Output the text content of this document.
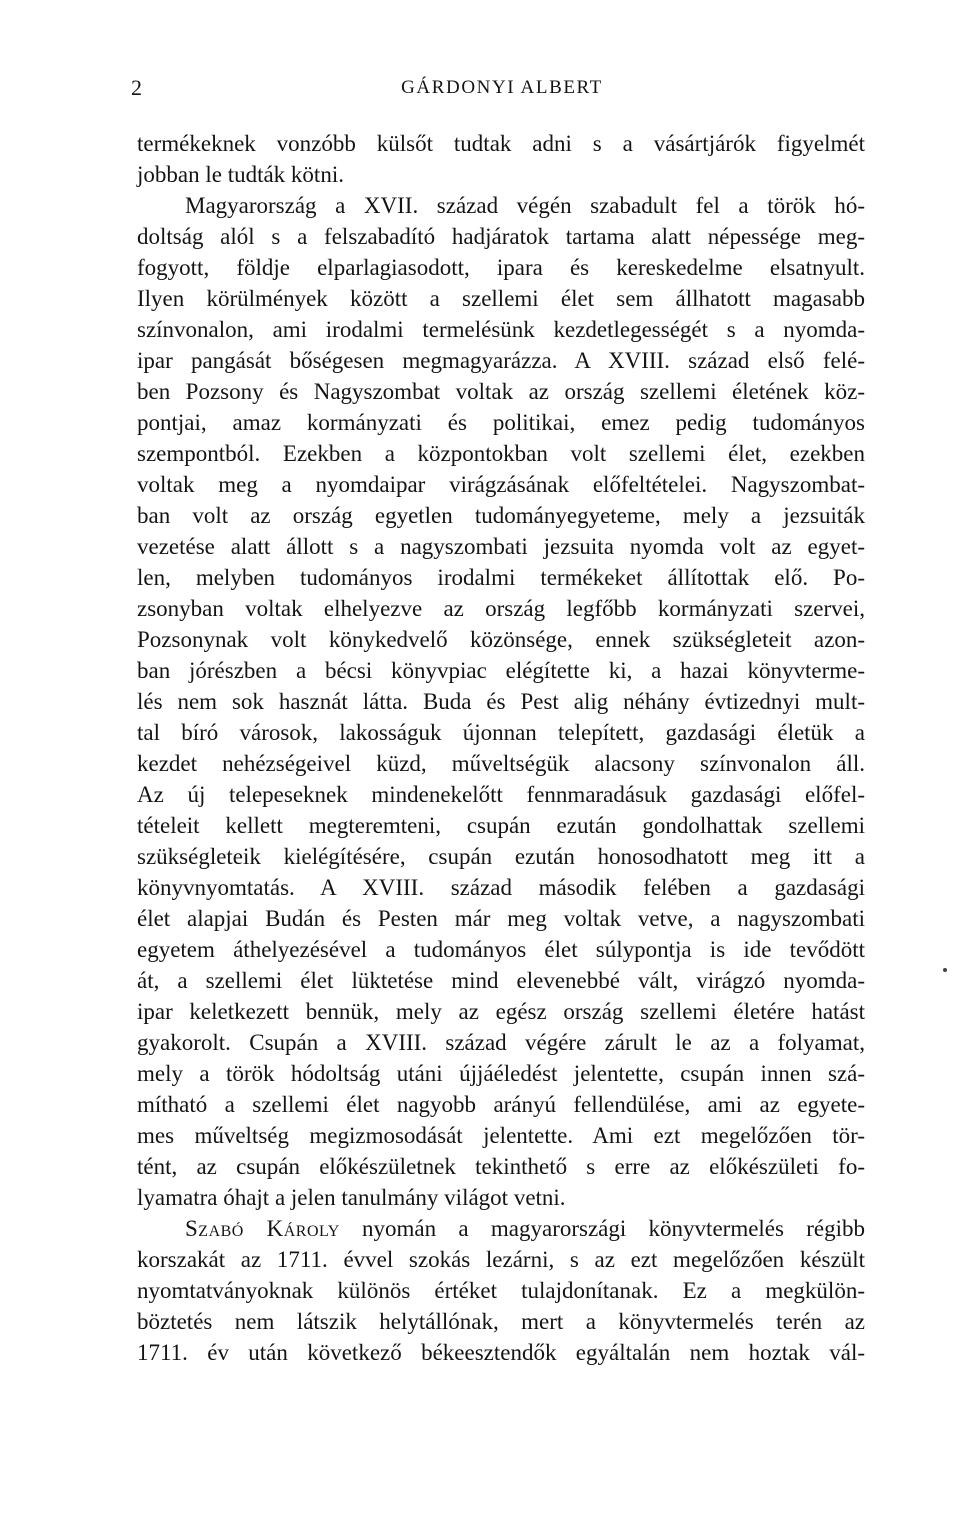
2	GÁRDONYI ALBERT
termékeknek vonzóbb külsőt tudtak adni s a vásártjárók figyelmét
jobban le tudták kötni.
Magyarország a XVII. század végén szabadult fel a török hó-
doltság alól s a felszabadító hadjáratok tartama alatt népessége meg-
fogyott, földje elparlagiasodott, ipara és kereskedelme elsatnyult.
Ilyen körülmények között a szellemi élet sem állhatott magasabb
színvonalon, ami irodalmi termelésünk kezdetlegességét s a nyomda-
ipar pangását bőségesen megmagyarázza. A XVIII. század első felé-
ben Pozsony és Nagyszombat voltak az ország szellemi életének köz-
pontjai, amaz kormányzati és politikai, emez pedig tudományos
szempontból. Ezekben a központokban volt szellemi élet, ezekben
voltak meg a nyomdaipar virágzásának előfeltételei. Nagyszombat-
ban volt az ország egyetlen tudományegyeteme, mely a jezsuiták
vezetése alatt állott s a nagyszombati jezsuita nyomda volt az egyet-
len, melyben tudományos irodalmi termékeket állítottak elő. Po-
zsonyban voltak elhelyezve az ország legfőbb kormányzati szervei,
Pozsonynak volt könykedvelő közönsége, ennek szükségleteit azon-
ban jórészben a bécsi könyvpiac elégítette ki, a hazai könyvterme-
lés nem sok hasznát látta. Buda és Pest alig néhány évtizednyi mult-
tal bíró városok, lakosságuk újonnan telepített, gazdasági életük a
kezdet nehézségeivel küzd, műveltségük alacsony színvonalon áll.
Az új telepeseknek mindenekelőtt fennmaradásuk gazdasági előfel-
tételeit kellett megteremteni, csupán ezután gondolhattak szellemi
szükségleteik kielégítésére, csupán ezután honosodhatott meg itt a
könyvnyomtatás. A XVIII. század második felében a gazdasági
élet alapjai Budán és Pesten már meg voltak vetve, a nagyszombati
egyetem áthelyezésével a tudományos élet súlypontja is ide tevődött
át, a szellemi élet lüktetése mind elevenebbé vált, virágzó nyomda-
ipar keletkezett bennük, mely az egész ország szellemi életére hatást
gyakorolt. Csupán a XVIII. század végére zárult le az a folyamat,
mely a török hódoltság utáni újjáéledést jelentette, csupán innen szá-
mítható a szellemi élet nagyobb arányú fellendülése, ami az egyete-
mes műveltség megizmosodását jelentette. Ami ezt megelőzően tör-
tént, az csupán előkészületnek tekinthető s erre az előkészületi fo-
lyamatra óhajt a jelen tanulmány világot vetni.
Szabó Károly nyomán a magyarországi könyvtermelés régibb
korszakát az 1711. évvel szokás lezárni, s az ezt megelőzően készült
nyomtatványoknak különös értéket tulajdonítanak. Ez a megkülön-
böztetés nem látszik helytállónak, mert a könyvtermelés terén az
1711. év után következő békeesztendők egyáltalán nem hoztak vál-
